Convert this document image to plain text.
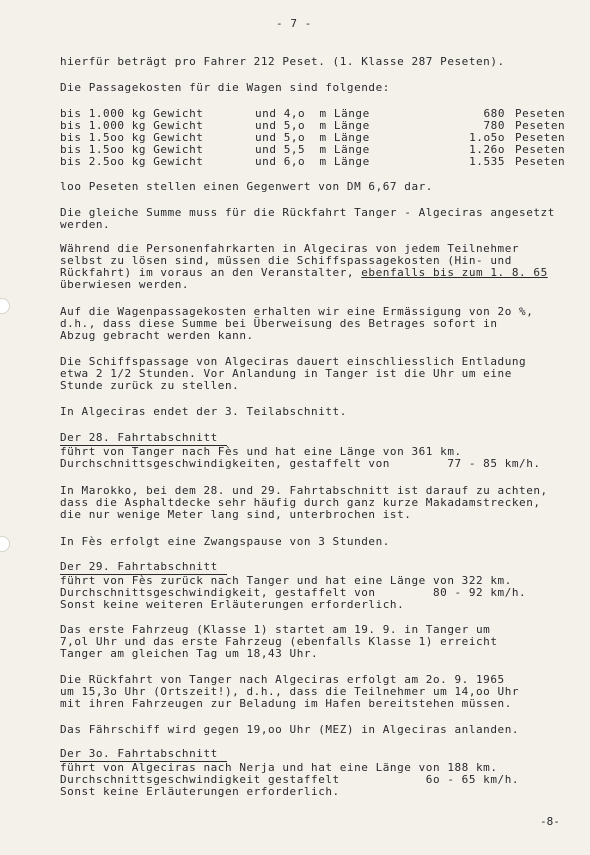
- 7 -
hierfür beträgt pro Fahrer 212 Peset. (1. Klasse 287 Peseten).
Die Passagekosten für die Wagen sind folgende:
bis 1.000 kg Gewicht	und 4,o  m Länge	680 Peseten
bis 1.000 kg Gewicht	und 5,o  m Länge	780 Peseten
bis 1.5oo kg Gewicht	und 5,o  m Länge	1.o5o Peseten
bis 1.5oo kg Gewicht	und 5,5  m Länge	1.26o Peseten
bis 2.5oo kg Gewicht	und 6,o  m Länge	1.535 Peseten
loo Peseten stellen einen Gegenwert von DM 6,67 dar.
Die gleiche Summe muss für die Rückfahrt Tanger - Algeciras angesetzt
werden.
Während die Personenfahrkarten in Algeciras von jedem Teilnehmer
selbst zu lösen sind, müssen die Schiffspassagekosten (Hin- und
Rückfahrt) im voraus an den Veranstalter, ebenfalls bis zum 1. 8. 65
überwiesen werden.
Auf die Wagenpassagekosten erhalten wir eine Ermässigung von 2o %,
d.h., dass diese Summe bei Überweisung des Betrages sofort in
Abzug gebracht werden kann.
Die Schiffspassage von Algeciras dauert einschliesslich Entladung
etwa 2 1/2 Stunden. Vor Anlandung in Tanger ist die Uhr um eine
Stunde zurück zu stellen.
In Algeciras endet der 3. Teilabschnitt.
Der 28. Fahrtabschnitt
führt von Tanger nach Fès und hat eine Länge von 361 km.
Durchschnittsgeschwindigkeiten, gestaffelt von        77 - 85 km/h.
In Marokko, bei dem 28. und 29. Fahrtabschnitt ist darauf zu achten,
dass die Asphaltdecke sehr häufig durch ganz kurze Makadamstrecken,
die nur wenige Meter lang sind, unterbrochen ist.
In Fès erfolgt eine Zwangspause von 3 Stunden.
Der 29. Fahrtabschnitt
führt von Fès zurück nach Tanger und hat eine Länge von 322 km.
Durchschnittsgeschwindigkeit, gestaffelt von        80 - 92 km/h.
Sonst keine weiteren Erläuterungen erforderlich.
Das erste Fahrzeug (Klasse 1) startet am 19. 9. in Tanger um
7,ol Uhr und das erste Fahrzeug (ebenfalls Klasse 1) erreicht
Tanger am gleichen Tag um 18,43 Uhr.
Die Rückfahrt von Tanger nach Algeciras erfolgt am 2o. 9. 1965
um 15,3o Uhr (Ortszeit!), d.h., dass die Teilnehmer um 14,oo Uhr
mit ihren Fahrzeugen zur Beladung im Hafen bereitstehen müssen.
Das Fährschiff wird gegen 19,oo Uhr (MEZ) in Algeciras anlanden.
Der 3o. Fahrtabschnitt
führt von Algeciras nach Nerja und hat eine Länge von 188 km.
Durchschnittsgeschwindigkeit gestaffelt            6o - 65 km/h.
Sonst keine Erläuterungen erforderlich.
-8-
